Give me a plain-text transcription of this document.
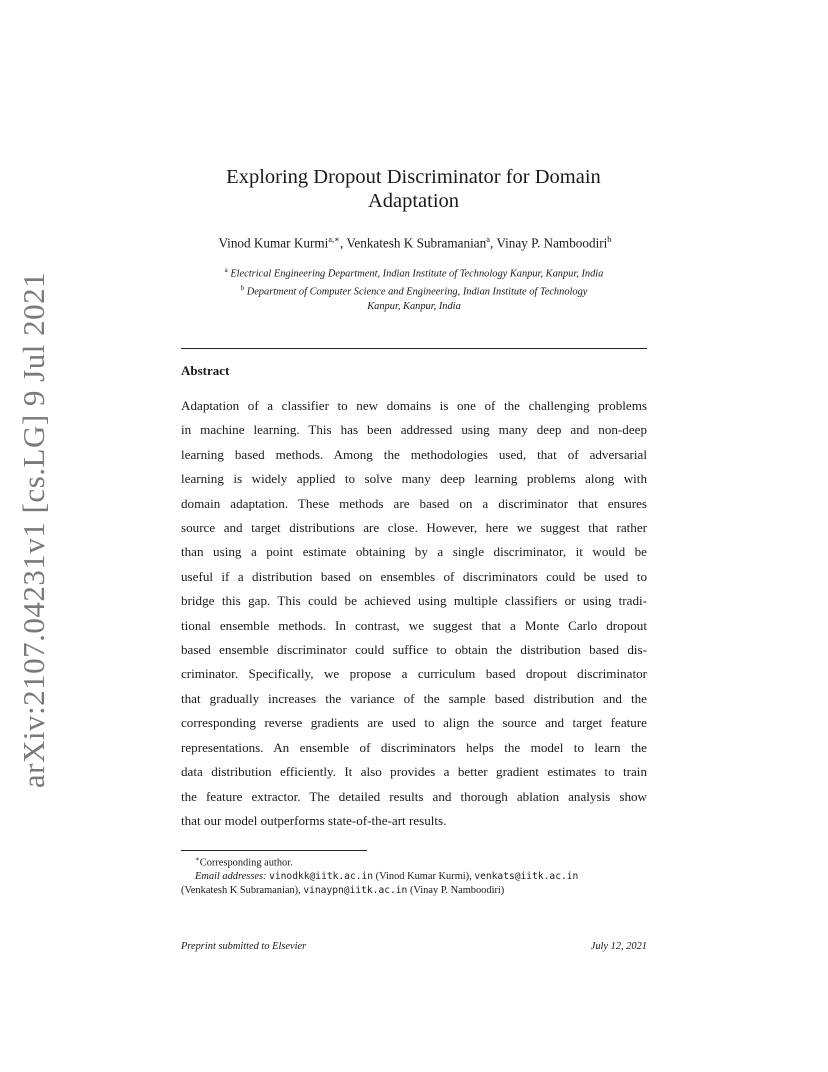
arXiv:2107.04231v1 [cs.LG] 9 Jul 2021
Exploring Dropout Discriminator for Domain
Adaptation
Vinod Kumar Kurmi$^{a,∗}$, Venkatesh K Subramanian$^a$, Vinay P. Namboodiri$^b$
$^a$ Electrical Engineering Department, Indian Institute of Technology Kanpur, Kanpur, India
$^b$ Department of Computer Science and Engineering, Indian Institute of Technology
Kanpur, Kanpur, India
Abstract
Adaptation of a classifier to new domains is one of the challenging problems
in machine learning. This has been addressed using many deep and non-deep
learning based methods. Among the methodologies used, that of adversarial
learning is widely applied to solve many deep learning problems along with
domain adaptation. These methods are based on a discriminator that ensures
source and target distributions are close. However, here we suggest that rather
than using a point estimate obtaining by a single discriminator, it would be
useful if a distribution based on ensembles of discriminators could be used to
bridge this gap. This could be achieved using multiple classifiers or using tradi-
tional ensemble methods. In contrast, we suggest that a Monte Carlo dropout
based ensemble discriminator could suffice to obtain the distribution based dis-
criminator. Specifically, we propose a curriculum based dropout discriminator
that gradually increases the variance of the sample based distribution and the
corresponding reverse gradients are used to align the source and target feature
representations. An ensemble of discriminators helps the model to learn the
data distribution efficiently. It also provides a better gradient estimates to train
the feature extractor. The detailed results and thorough ablation analysis show
that our model outperforms state-of-the-art results.
∗Corresponding author.
Email addresses: vinodkk@iitk.ac.in (Vinod Kumar Kurmi), venkats@iitk.ac.in
(Venkatesh K Subramanian), vinaypn@iitk.ac.in (Vinay P. Namboodiri)
Preprint submitted to Elsevier	July 12, 2021
